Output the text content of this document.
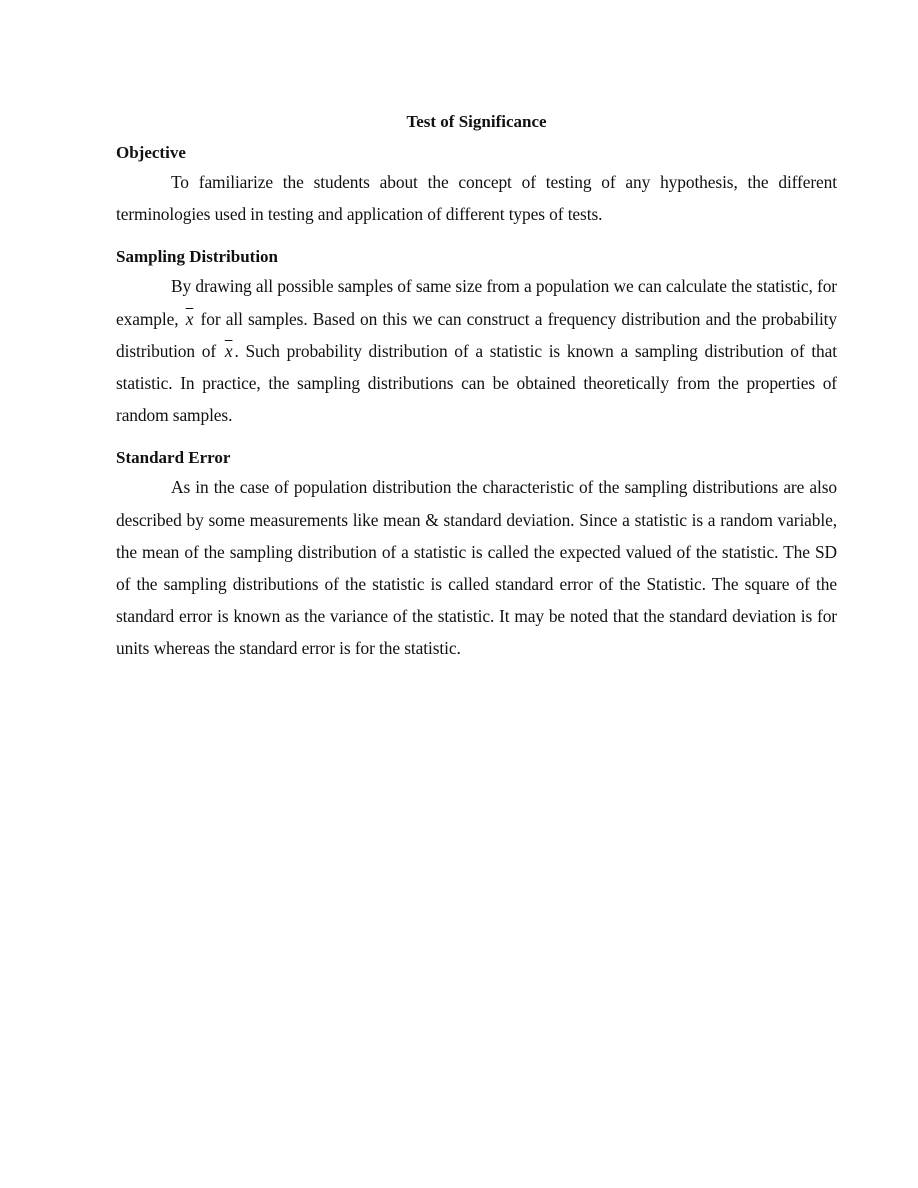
Test of Significance
Objective

To familiarize the students about the concept of testing of any hypothesis, the different terminologies used in testing and application of different types of tests.

Sampling Distribution

By drawing all possible samples of same size from a population we can calculate the statistic, for example, $\overline{x}$ for all samples. Based on this we can construct a frequency distribution and the probability distribution of $\overline{x}$ . Such probability distribution of a statistic is known a sampling distribution of that statistic. In practice, the sampling distributions can be obtained theoretically from the properties of random samples.

Standard Error

As in the case of population distribution the characteristic of the sampling distributions are also described by some measurements like mean & standard deviation. Since a statistic is a random variable, the mean of the sampling distribution of a statistic is called the expected valued of the statistic. The SD of the sampling distributions of the statistic is called standard error of the Statistic. The square of the standard error is known as the variance of the statistic. It may be noted that the standard deviation is for units whereas the standard error is for the statistic.
